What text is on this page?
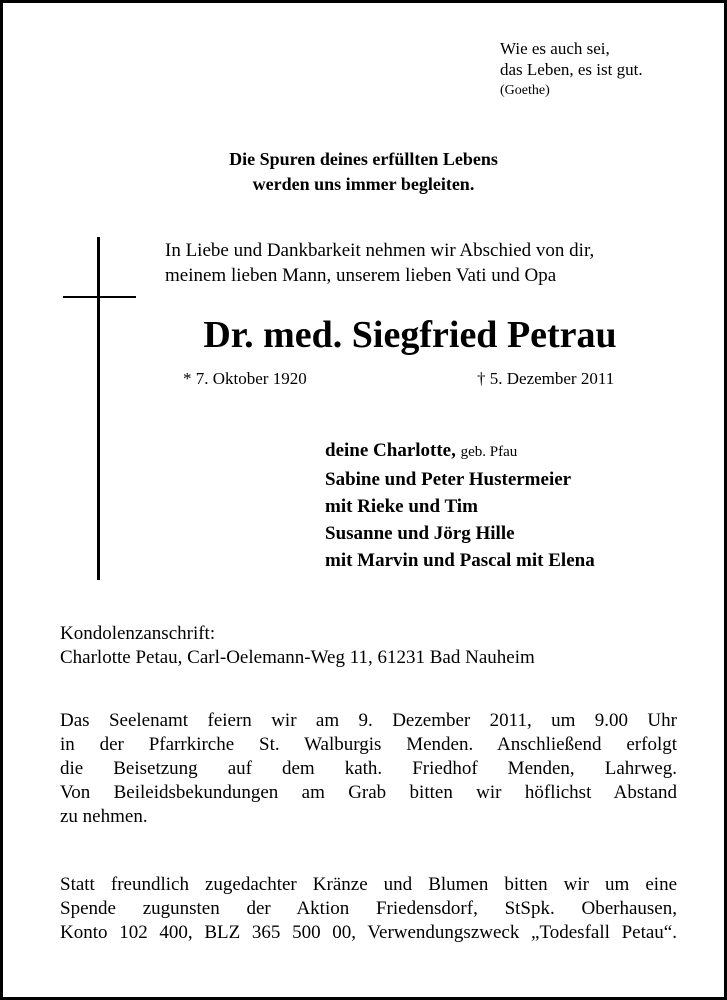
Wie es auch sei,
das Leben, es ist gut.
(Goethe)
Die Spuren deines erfüllten Lebens
werden uns immer begleiten.
In Liebe und Dankbarkeit nehmen wir Abschied von dir,
meinem lieben Mann, unserem lieben Vati und Opa
Dr. med. Siegfried Petrau
* 7. Oktober 1920	† 5. Dezember 2011
deine Charlotte, geb. Pfau
Sabine und Peter Hustermeier
mit Rieke und Tim
Susanne und Jörg Hille
mit Marvin und Pascal mit Elena
Kondolenzanschrift:
Charlotte Petau, Carl-Oelemann-Weg 11, 61231 Bad Nauheim
Das Seelenamt feiern wir am 9. Dezember 2011, um 9.00 Uhr
in der Pfarrkirche St. Walburgis Menden. Anschließend erfolgt
die Beisetzung auf dem kath. Friedhof Menden, Lahrweg.
Von Beileidsbekundungen am Grab bitten wir höflichst Abstand
zu nehmen.
Statt freundlich zugedachter Kränze und Blumen bitten wir um eine
Spende zugunsten der Aktion Friedensdorf, StSpk. Oberhausen,
Konto 102 400, BLZ 365 500 00, Verwendungszweck „Todesfall Petau“.
